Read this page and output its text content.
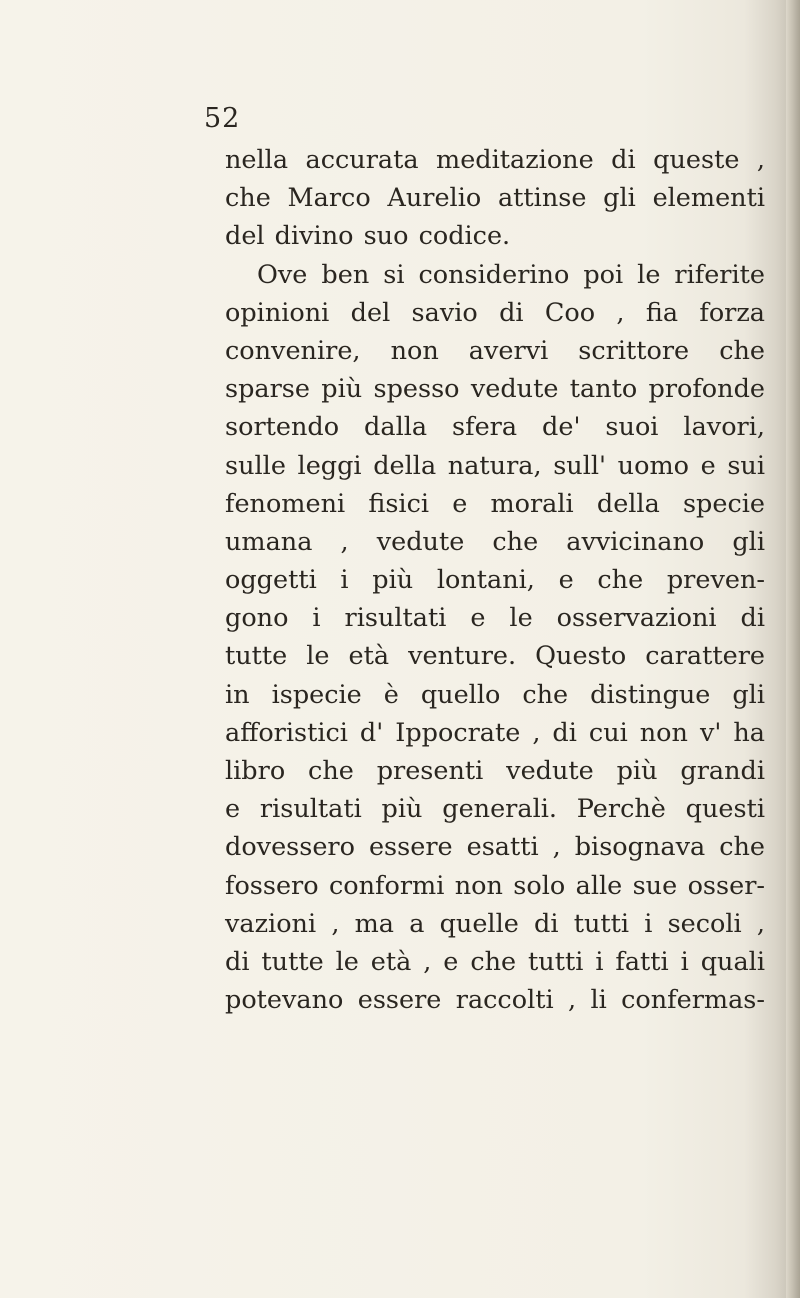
52
nella accurata meditazione di queste ,
che Marco Aurelio attinse gli elementi
del divino suo codice.
Ove ben si considerino poi le riferite
opinioni del savio di Coo , fia forza
convenire, non avervi scrittore che
sparse più spesso vedute tanto profonde
sortendo dalla sfera de' suoi lavori,
sulle leggi della natura, sull' uomo e sui
fenomeni fisici e morali della specie
umana , vedute che avvicinano gli
oggetti i più lontani, e che preven-
gono i risultati e le osservazioni di
tutte le età venture. Questo carattere
in ispecie è quello che distingue gli
afforistici d' Ippocrate , di cui non v' ha
libro che presenti vedute più grandi
e risultati più generali. Perchè questi
dovessero essere esatti , bisognava che
fossero conformi non solo alle sue osser-
vazioni , ma a quelle di tutti i secoli ,
di tutte le età , e che tutti i fatti i quali
potevano essere raccolti , li confermas-
